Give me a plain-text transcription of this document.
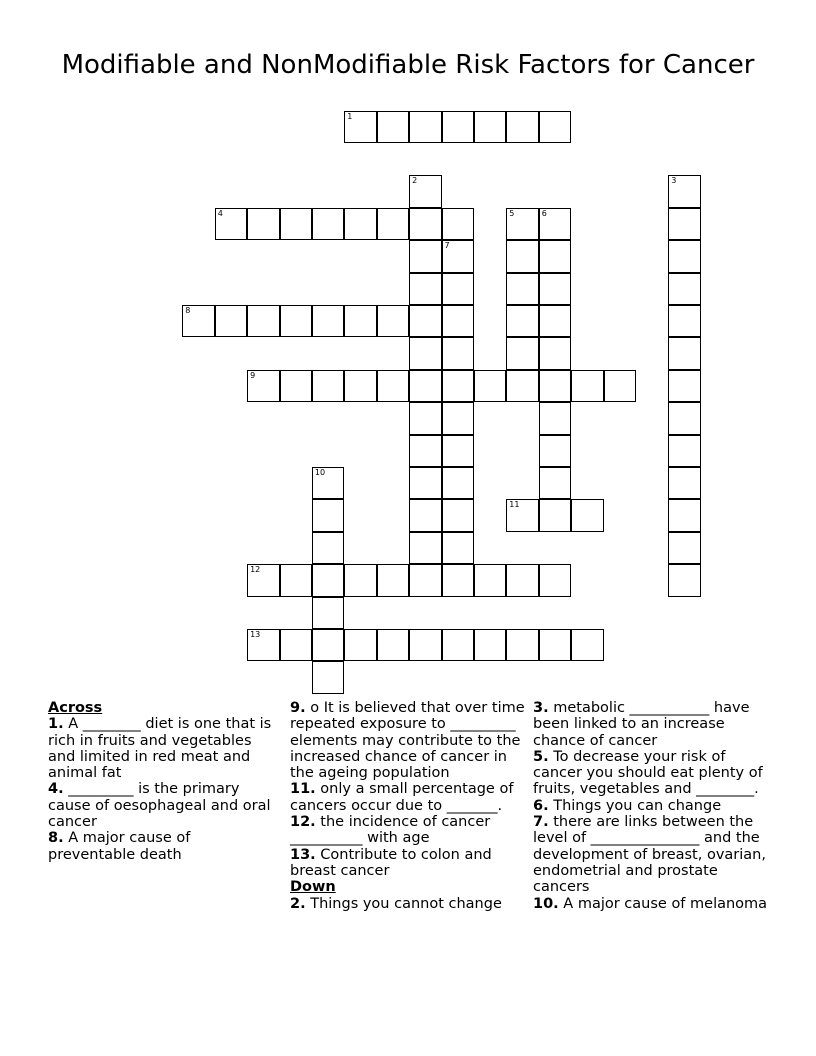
Modifiable and NonModifiable Risk Factors for Cancer
1
2	3
4	5	6
7
8
9
10
11
12
13
Across
1. A ________ diet is one that is rich in fruits and vegetables and limited in red meat and animal fat
4. _________ is the primary cause of oesophageal and oral cancer
8. A major cause of preventable death
9. o It is believed that over time repeated exposure to _________ elements may contribute to the increased chance of cancer in the ageing population
11. only a small percentage of cancers occur due to _______.
12. the incidence of cancer __________ with age
13. Contribute to colon and breast cancer
Down
2. Things you cannot change
3. metabolic ___________ have been linked to an increase chance of cancer
5. To decrease your risk of cancer you should eat plenty of fruits, vegetables and ________.
6. Things you can change
7. there are links between the level of _______________ and the development of breast, ovarian, endometrial and prostate cancers
10. A major cause of melanoma
